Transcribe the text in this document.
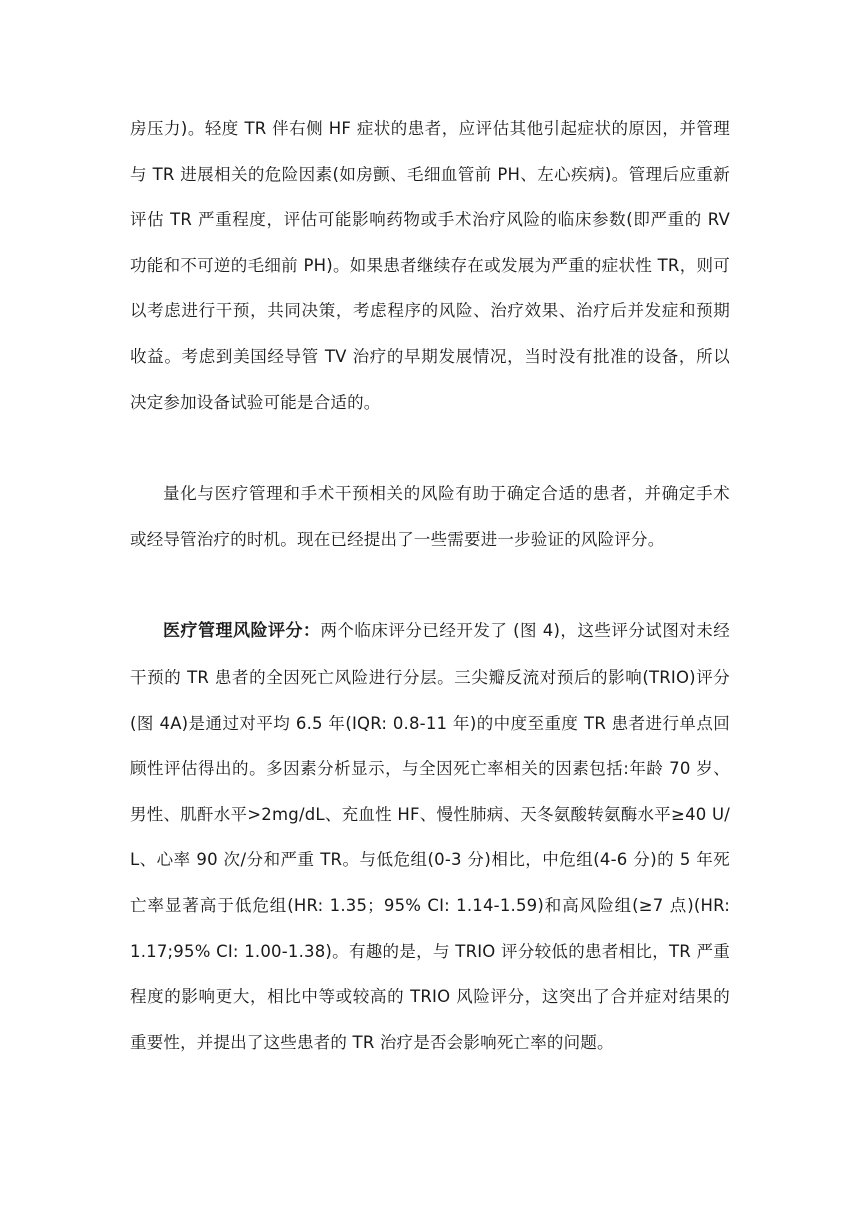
房压力)。轻度 TR 伴右侧 HF 症状的患者，应评估其他引起症状的原因，并管理与 TR 进展相关的危险因素(如房颤、毛细血管前 PH、左心疾病)。管理后应重新评估 TR 严重程度，评估可能影响药物或手术治疗风险的临床参数(即严重的 RV 功能和不可逆的毛细前 PH)。如果患者继续存在或发展为严重的症状性 TR，则可以考虑进行干预，共同决策，考虑程序的风险、治疗效果、治疗后并发症和预期收益。考虑到美国经导管 TV 治疗的早期发展情况，当时没有批准的设备，所以决定参加设备试验可能是合适的。

量化与医疗管理和手术干预相关的风险有助于确定合适的患者，并确定手术或经导管治疗的时机。现在已经提出了一些需要进一步验证的风险评分。

医疗管理风险评分：两个临床评分已经开发了 (图 4)，这些评分试图对未经干预的 TR 患者的全因死亡风险进行分层。三尖瓣反流对预后的影响(TRIO)评分(图 4A)是通过对平均 6.5 年(IQR: 0.8-11 年)的中度至重度 TR 患者进行单点回顾性评估得出的。多因素分析显示，与全因死亡率相关的因素包括:年龄 70 岁、男性、肌酐水平>2mg/dL、充血性 HF、慢性肺病、天冬氨酸转氨酶水平≥40 U/L、心率 90 次/分和严重 TR。与低危组(0-3 分)相比，中危组(4-6 分)的 5 年死亡率显著高于低危组(HR: 1.35；95% CI: 1.14-1.59)和高风险组(≥7 点)(HR: 1.17;95% CI: 1.00-1.38)。有趣的是，与 TRIO 评分较低的患者相比，TR 严重程度的影响更大，相比中等或较高的 TRIO 风险评分，这突出了合并症对结果的重要性，并提出了这些患者的 TR 治疗是否会影响死亡率的问题。
